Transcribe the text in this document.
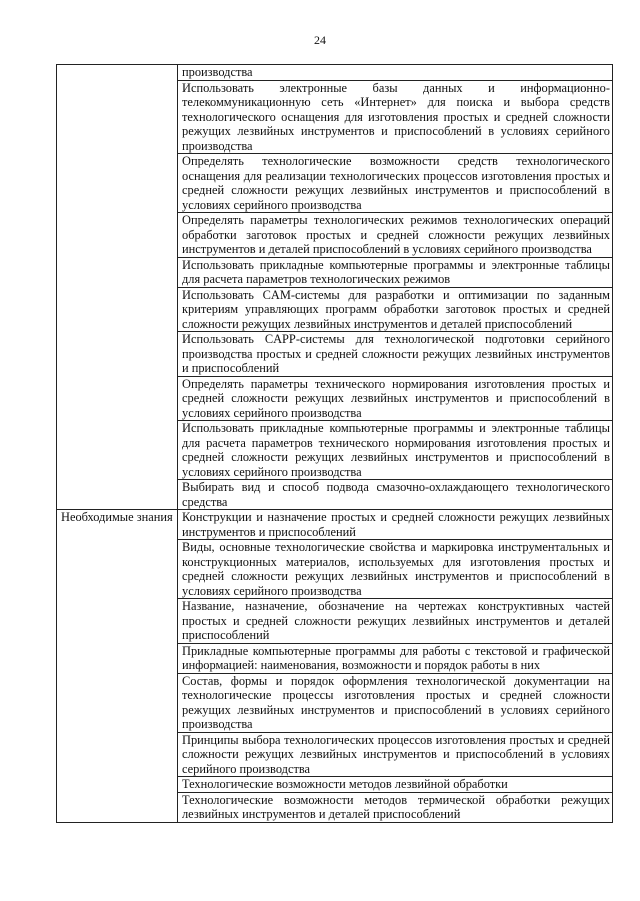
24
	производства
	Использовать электронные базы данных и информационно-телекоммуникационную сеть «Интернет» для поиска и выбора средств технологического оснащения для изготовления простых и средней сложности режущих лезвийных инструментов и приспособлений в условиях серийного производства
	Определять технологические возможности средств технологического оснащения для реализации технологических процессов изготовления простых и средней сложности режущих лезвийных инструментов и приспособлений в условиях серийного производства
	Определять параметры технологических режимов технологических операций обработки заготовок простых и средней сложности режущих лезвийных инструментов и деталей приспособлений в условиях серийного производства
	Использовать прикладные компьютерные программы и электронные таблицы для расчета параметров технологических режимов
	Использовать CAM-системы для разработки и оптимизации по заданным критериям управляющих программ обработки заготовок простых и средней сложности режущих лезвийных инструментов и деталей приспособлений
	Использовать CAPP-системы для технологической подготовки серийного производства простых и средней сложности режущих лезвийных инструментов и приспособлений
	Определять параметры технического нормирования изготовления простых и средней сложности режущих лезвийных инструментов и приспособлений в условиях серийного производства
	Использовать прикладные компьютерные программы и электронные таблицы для расчета параметров технического нормирования изготовления простых и средней сложности режущих лезвийных инструментов и приспособлений в условиях серийного производства
	Выбирать вид и способ подвода смазочно-охлаждающего технологического средства
Необходимые знания	Конструкции и назначение простых и средней сложности режущих лезвийных инструментов и приспособлений
	Виды, основные технологические свойства и маркировка инструментальных и конструкционных материалов, используемых для изготовления простых и средней сложности режущих лезвийных инструментов и приспособлений в условиях серийного производства
	Название, назначение, обозначение на чертежах конструктивных частей простых и средней сложности режущих лезвийных инструментов и деталей приспособлений
	Прикладные компьютерные программы для работы с текстовой и графической информацией: наименования, возможности и порядок работы в них
	Состав, формы и порядок оформления технологической документации на технологические процессы изготовления простых и средней сложности режущих лезвийных инструментов и приспособлений в условиях серийного производства
	Принципы выбора технологических процессов изготовления простых и средней сложности режущих лезвийных инструментов и приспособлений в условиях серийного производства
	Технологические возможности методов лезвийной обработки
	Технологические возможности методов термической обработки режущих лезвийных инструментов и деталей приспособлений
